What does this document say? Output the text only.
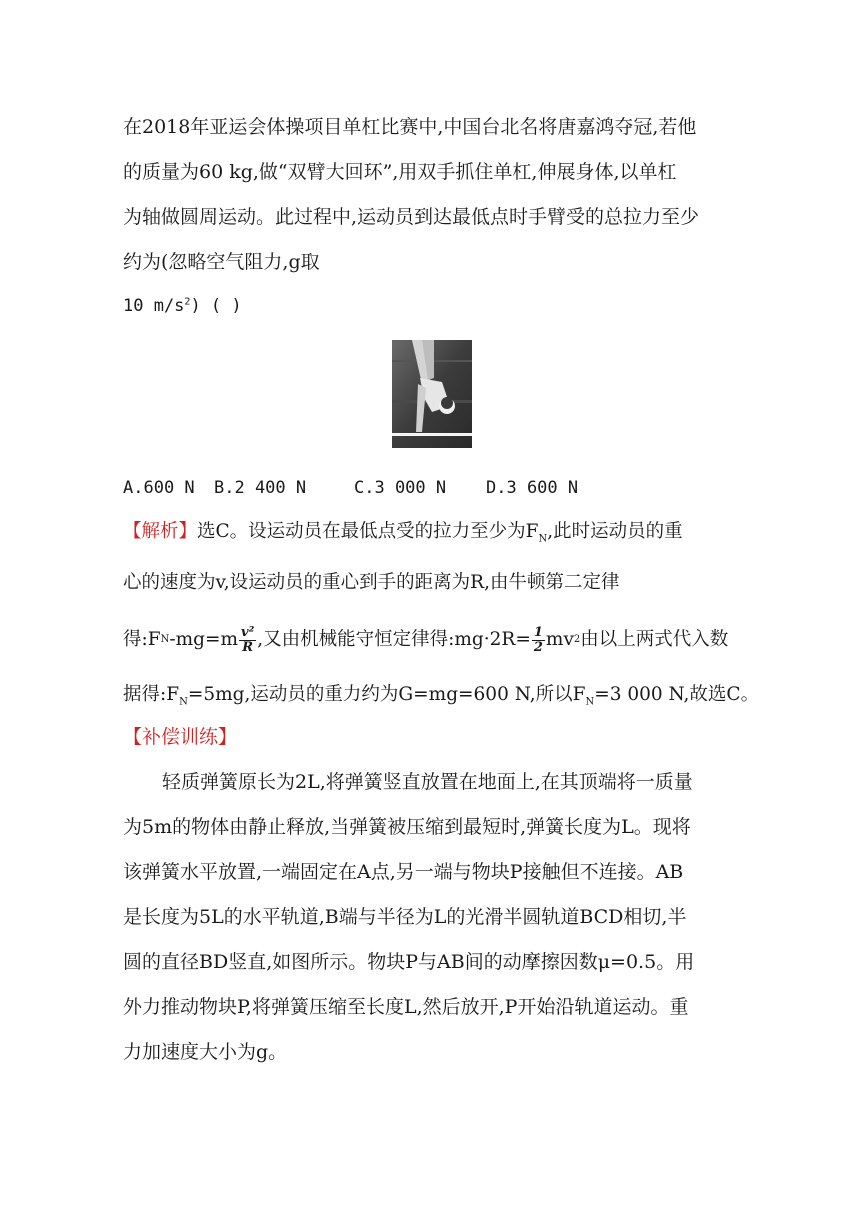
在2018年亚运会体操项目单杠比赛中,中国台北名将唐嘉鸿夺冠,若他
的质量为60 kg,做“双臂大回环”,用双手抓住单杠,伸展身体,以单杠
为轴做圆周运动。此过程中,运动员到达最低点时手臂受的总拉力至少
约为(忽略空气阻力,g取
10 $m/s^2$) ( )
A.600 N B.2 400 N	C.3 000 N D.3 600 N
【解析】选C。设运动员在最低点受的拉力至少为$F_N$,此时运动员的重
心的速度为v,设运动员的重心到手的距离为R,由牛顿第二定律
得:F N $-mg=m \frac{\text{v²}}{R}$ ,又由机械能守恒定律得:mg·2R= $\frac{1}{2}$ mv 2 由以上两式代入数
据得$:F_N=5mg$,运动员的重力约为G=mg=600 N,所以$F_N=3$ 000 N,故选C。
【补偿训练】
轻质弹簧原长为2L,将弹簧竖直放置在地面上,在其顶端将一质量
为5m的物体由静止释放,当弹簧被压缩到最短时,弹簧长度为L。现将
该弹簧水平放置,一端固定在A点,另一端与物块P接触但不连接。AB
是长度为5L的水平轨道,B端与半径为L的光滑半圆轨道BCD相切,半
圆的直径BD竖直,如图所示。物块P与AB间的动摩擦因数μ=0.5。用
外力推动物块P,将弹簧压缩至长度L,然后放开,P开始沿轨道运动。重
力加速度大小为g。
